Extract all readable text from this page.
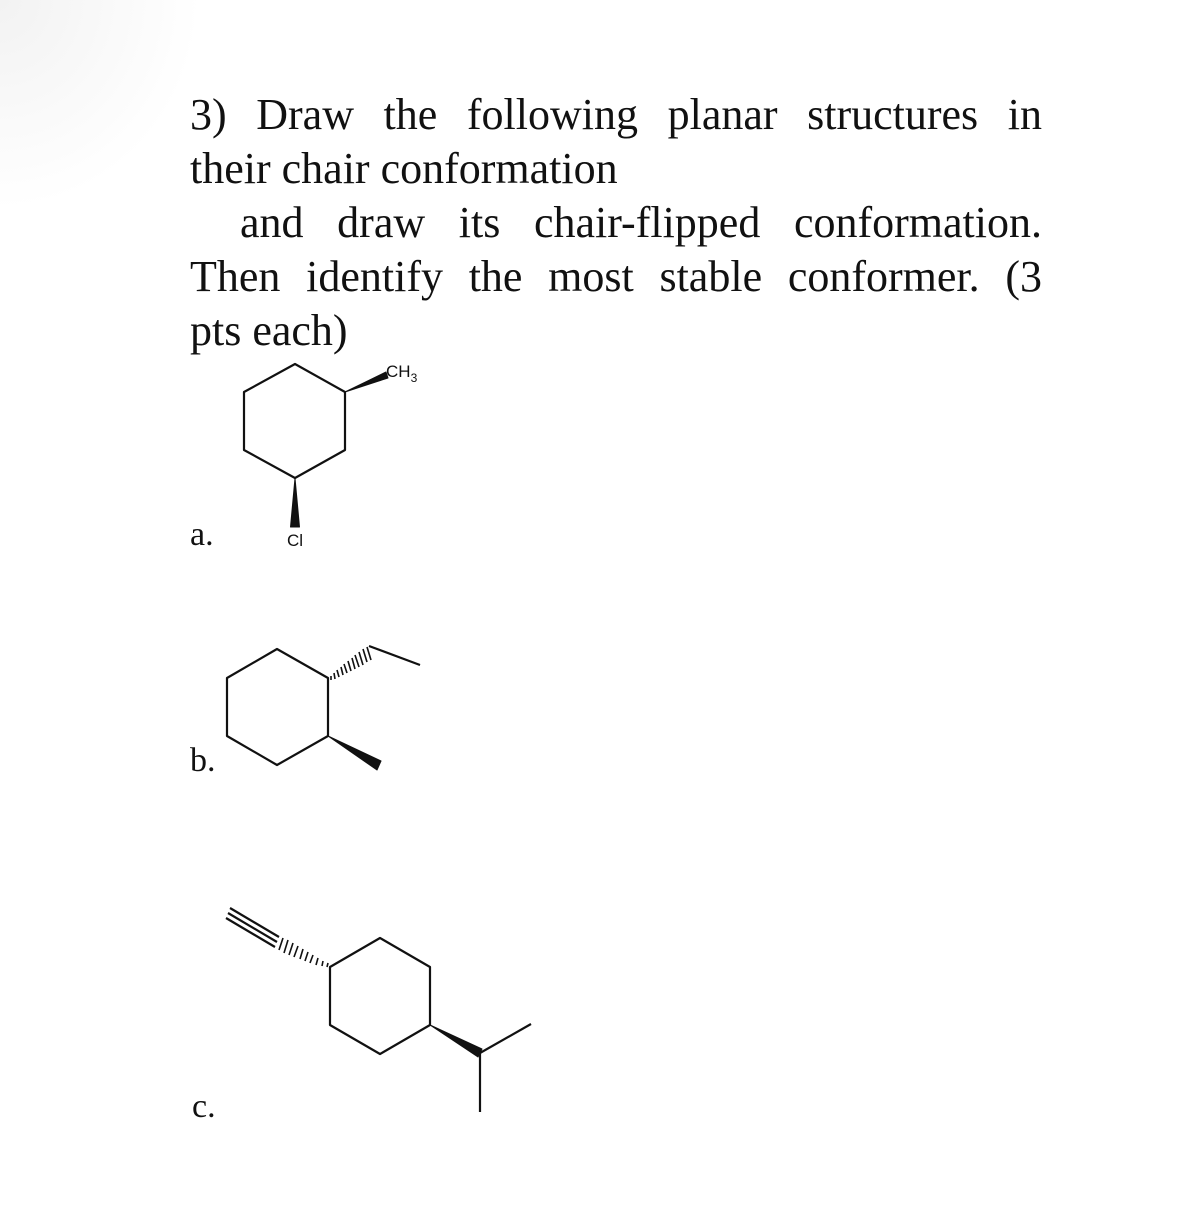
3) Draw the following planar structures in
their chair conformation
and draw its chair-flipped conformation.
Then identify the most stable conformer. (3
pts each)
a.
b.
c.
$CH_3$
Cl
